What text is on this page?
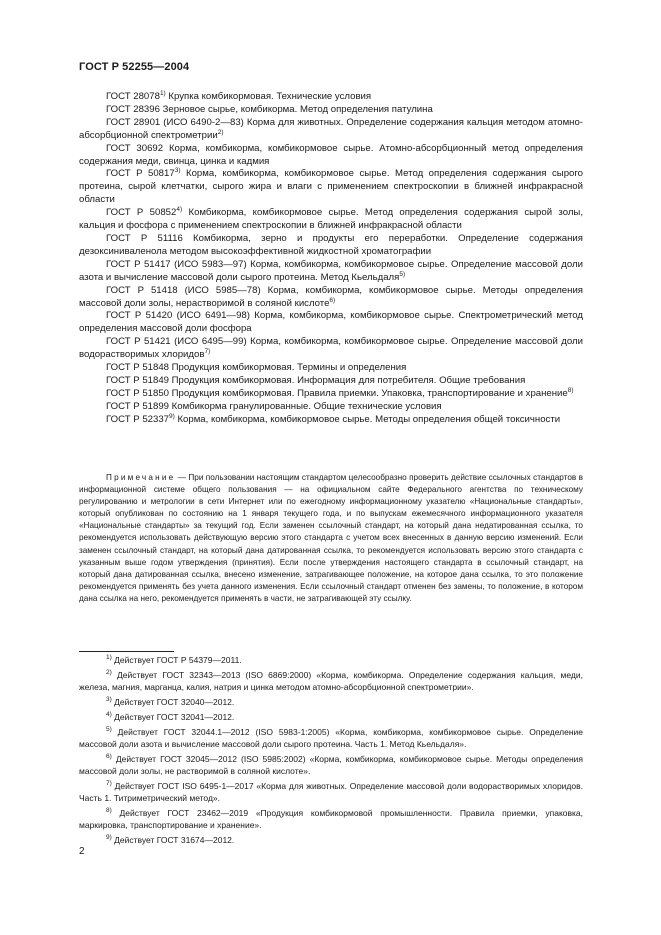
ГОСТ Р 52255—2004

ГОСТ 28078$^{1)}$ Крупка комбикормовая. Технические условия

ГОСТ 28396 Зерновое сырье, комбикорма. Метод определения патулина

ГОСТ 28901 (ИСО 6490-2—83) Корма для животных. Определение содержания кальция методом атомно-абсорбционной спектрометрии$^{2)}$

ГОСТ 30692 Корма, комбикорма, комбикормовое сырье. Атомно-абсорбционный метод определения содержания меди, свинца, цинка и кадмия

ГОСТ Р 50817$^{3)}$ Корма, комбикорма, комбикормовое сырье. Метод определения содержания сырого протеина, сырой клетчатки, сырого жира и влаги с применением спектроскопии в ближней инфракрасной области

ГОСТ Р 50852$^{4)}$ Комбикорма, комбикормовое сырье. Метод определения содержания сырой золы, кальция и фосфора с применением спектроскопии в ближней инфракрасной области

ГОСТ Р 51116 Комбикорма, зерно и продукты его переработки. Определение содержания дезоксиниваленола методом высокоэффективной жидкостной хроматографии

ГОСТ Р 51417 (ИСО 5983—97) Корма, комбикорма, комбикормовое сырье. Определение массовой доли азота и вычисление массовой доли сырого протеина. Метод Кьельдаля$^{5)}$

ГОСТ Р 51418 (ИСО 5985—78) Корма, комбикорма, комбикормовое сырье. Методы определения массовой доли золы, нерастворимой в соляной кислоте$^{6)}$

ГОСТ Р 51420 (ИСО 6491—98) Корма, комбикорма, комбикормовое сырье. Спектрометрический метод определения массовой доли фосфора

ГОСТ Р 51421 (ИСО 6495—99) Корма, комбикорма, комбикормовое сырье. Определение массовой доли водорастворимых хлоридов$^{7)}$

ГОСТ Р 51848 Продукция комбикормовая. Термины и определения

ГОСТ Р 51849 Продукция комбикормовая. Информация для потребителя. Общие требования

ГОСТ Р 51850 Продукция комбикормовая. Правила приемки. Упаковка, транспортирование и хранение$^{8)}$

ГОСТ Р 51899 Комбикорма гранулированные. Общие технические условия

ГОСТ Р 52337$^{9)}$ Корма, комбикорма, комбикормовое сырье. Методы определения общей токсичности

Примечание — При пользовании настоящим стандартом целесообразно проверить действие ссылочных стандартов в информационной системе общего пользования — на официальном сайте Федерального агентства по техническому регулированию и метрологии в сети Интернет или по ежегодному информационному указателю «Национальные стандарты», который опубликован по состоянию на 1 января текущего года, и по выпускам ежемесячного информационного указателя «Национальные стандарты» за текущий год. Если заменен ссылочный стандарт, на который дана недатированная ссылка, то рекомендуется использовать действующую версию этого стандарта с учетом всех внесенных в данную версию изменений. Если заменен ссылочный стандарт, на который дана датированная ссылка, то рекомендуется использовать версию этого стандарта с указанным выше годом утверждения (принятия). Если после утверждения настоящего стандарта в ссылочный стандарт, на который дана датированная ссылка, внесено изменение, затрагивающее положение, на которое дана ссылка, то это положение рекомендуется применять без учета данного изменения. Если ссылочный стандарт отменен без замены, то положение, в котором дана ссылка на него, рекомендуется применять в части, не затрагивающей эту ссылку.

$^{1)}$ Действует ГОСТ Р 54379—2011.

$^{2)}$ Действует ГОСТ 32343—2013 (ISO 6869:2000) «Корма, комбикорма. Определение содержания кальция, меди, железа, магния, марганца, калия, натрия и цинка методом атомно-абсорбционной спектрометрии».

$^{3)}$ Действует ГОСТ 32040—2012.

$^{4)}$ Действует ГОСТ 32041—2012.

$^{5)}$ Действует ГОСТ 32044.1—2012 (ISO 5983-1:2005) «Корма, комбикорма, комбикормовое сырье. Определение массовой доли азота и вычисление массовой доли сырого протеина. Часть 1. Метод Кьельдаля».

$^{6)}$ Действует ГОСТ 32045—2012 (ISO 5985:2002) «Корма, комбикорма, комбикормовое сырье. Методы определения массовой доли золы, не растворимой в соляной кислоте».

$^{7)}$ Действует ГОСТ ISO 6495-1—2017 «Корма для животных. Определение массовой доли водорастворимых хлоридов. Часть 1. Титриметрический метод».

$^{8)}$ Действует ГОСТ 23462—2019 «Продукция комбикормовой промышленности. Правила приемки, упаковка, маркировка, транспортирование и хранение».

$^{9)}$ Действует ГОСТ 31674—2012.

2
